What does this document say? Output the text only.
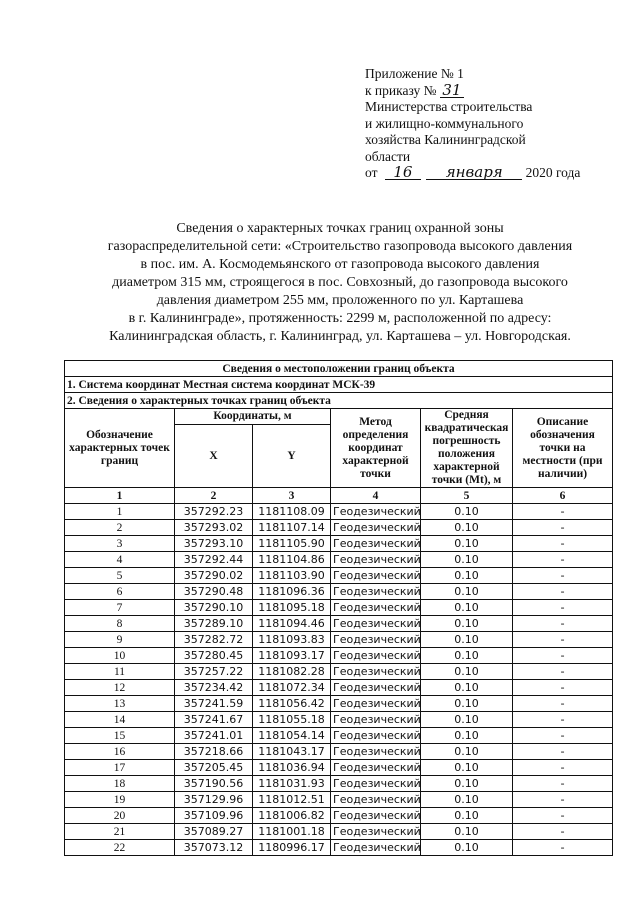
Приложение № 1
к приказу № 31
Министерства строительства
и жилищно-коммунального
хозяйства Калининградской
области
от 16 января 2020 года
Сведения о характерных точках границ охранной зоны
газораспределительной сети: «Строительство газопровода высокого давления
в пос. им. А. Космодемьянского от газопровода высокого давления
диаметром 315 мм, строящегося в пос. Совхозный, до газопровода высокого
давления диаметром 255 мм, проложенного по ул. Карташева
в г. Калининграде», протяженность: 2299 м, расположенной по адресу:
Калининградская область, г. Калининград, ул. Карташева – ул. Новгородская.
Сведения о местоположении границ объекта					
1. Система координат Местная система координат МСК-39					
2. Сведения о характерных точках границ объекта					
Обозначение характерных точек границ	Координаты, м		Метод определения координат характерной точки	Средняя квадратическая погрешность положения характерной точки (Mt), м	Описание обозначения точки на местности (при наличии)
	X	Y			
1	2	3	4	5	6
1	357292.23	1181108.09	Геодезический	0.10	-
2	357293.02	1181107.14	Геодезический	0.10	-
3	357293.10	1181105.90	Геодезический	0.10	-
4	357292.44	1181104.86	Геодезический	0.10	-
5	357290.02	1181103.90	Геодезический	0.10	-
6	357290.48	1181096.36	Геодезический	0.10	-
7	357290.10	1181095.18	Геодезический	0.10	-
8	357289.10	1181094.46	Геодезический	0.10	-
9	357282.72	1181093.83	Геодезический	0.10	-
10	357280.45	1181093.17	Геодезический	0.10	-
11	357257.22	1181082.28	Геодезический	0.10	-
12	357234.42	1181072.34	Геодезический	0.10	-
13	357241.59	1181056.42	Геодезический	0.10	-
14	357241.67	1181055.18	Геодезический	0.10	-
15	357241.01	1181054.14	Геодезический	0.10	-
16	357218.66	1181043.17	Геодезический	0.10	-
17	357205.45	1181036.94	Геодезический	0.10	-
18	357190.56	1181031.93	Геодезический	0.10	-
19	357129.96	1181012.51	Геодезический	0.10	-
20	357109.96	1181006.82	Геодезический	0.10	-
21	357089.27	1181001.18	Геодезический	0.10	-
22	357073.12	1180996.17	Геодезический	0.10	-
